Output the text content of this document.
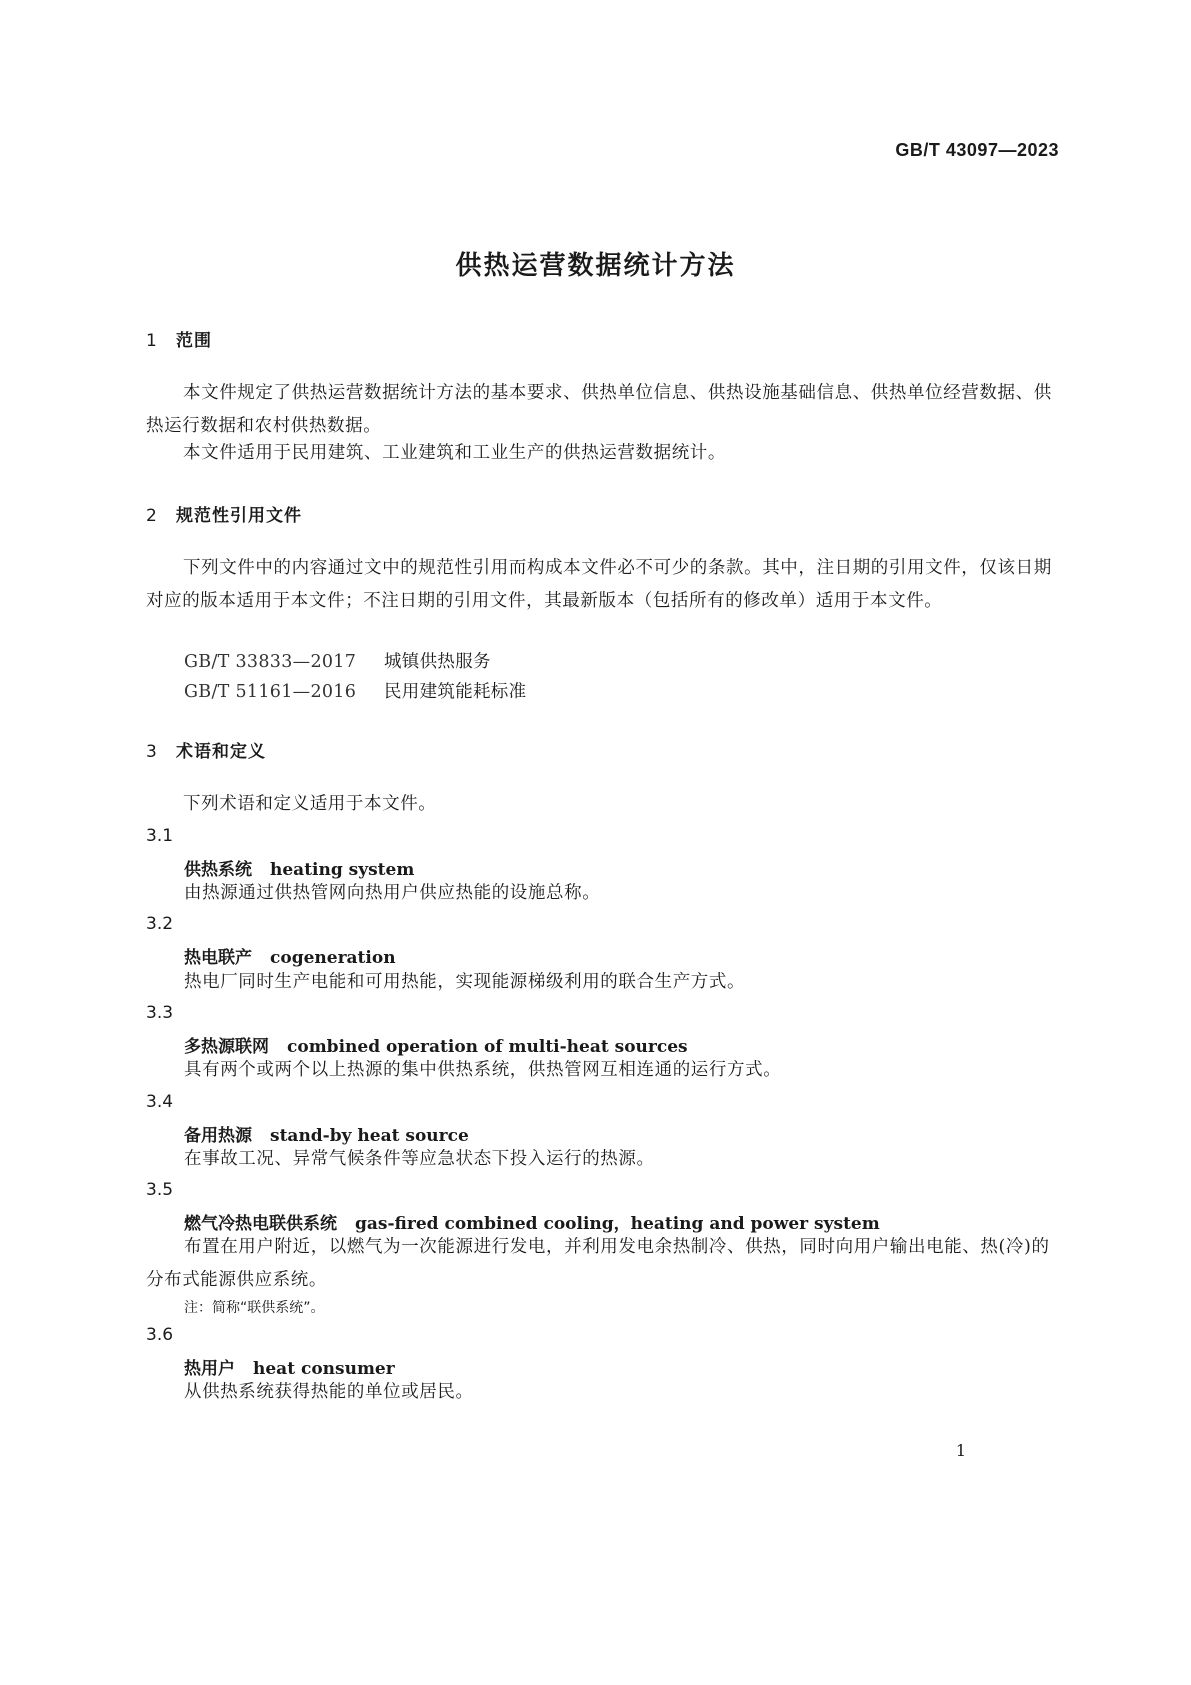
GB/T 43097—2023
供热运营数据统计方法
1 范围
本文件规定了供热运营数据统计方法的基本要求、供热单位信息、供热设施基础信息、供热单位经营数据、供热运行数据和农村供热数据。
本文件适用于民用建筑、工业建筑和工业生产的供热运营数据统计。
2 规范性引用文件
下列文件中的内容通过文中的规范性引用而构成本文件必不可少的条款。其中，注日期的引用文件，仅该日期对应的版本适用于本文件；不注日期的引用文件，其最新版本（包括所有的修改单）适用于本文件。
GB/T 33833—2017 城镇供热服务
GB/T 51161—2016 民用建筑能耗标准
3 术语和定义
下列术语和定义适用于本文件。
3.1
供热系统 heating system
由热源通过供热管网向热用户供应热能的设施总称。
3.2
热电联产 cogeneration
热电厂同时生产电能和可用热能，实现能源梯级利用的联合生产方式。
3.3
多热源联网 combined operation of multi-heat sources
具有两个或两个以上热源的集中供热系统，供热管网互相连通的运行方式。
3.4
备用热源 stand-by heat source
在事故工况、异常气候条件等应急状态下投入运行的热源。
3.5
燃气冷热电联供系统 gas-fired combined cooling，heating and power system
布置在用户附近，以燃气为一次能源进行发电，并利用发电余热制冷、供热，同时向用户输出电能、热(冷)的分布式能源供应系统。
注：简称“联供系统”。
3.6
热用户 heat consumer
从供热系统获得热能的单位或居民。
1
